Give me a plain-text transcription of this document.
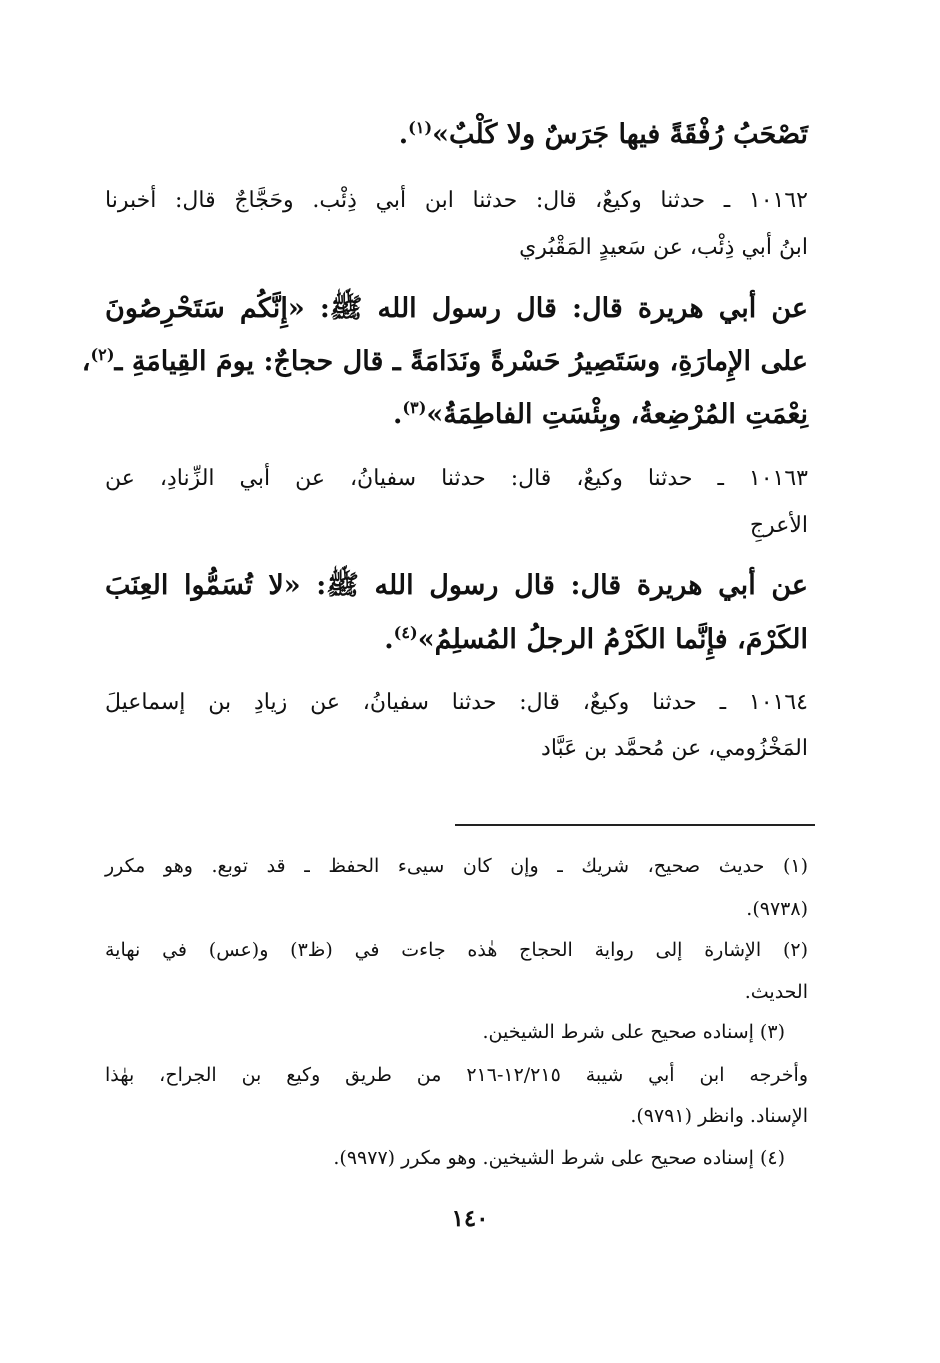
تَصْحَبُ رُفْقَةً فيها جَرَسٌ ولا كَلْبٌ»$^{(١)}$.

١٠١٦٢ ـ حدثنا وكيعٌ، قال: حدثنا ابن أبي ذِئْب. وحَجَّاجٌ قال: أخبرنا

ابنُ أبي ذِئْب، عن سَعيدٍ المَقْبُري

عن أبي هريرة قال: قال رسول الله ﷺ: «إِنَّكُم سَتَحْرِصُونَ

على الإِمارَةِ، وسَتَصِيرُ حَسْرةً ونَدَامَةً ـ قال حجاجٌ: يومَ القِيامَةِ ـ$^{(٢)}$،

نِعْمَتِ المُرْضِعةُ، وبِئْسَتِ الفاطِمَةُ»$^{(٣)}$.

١٠١٦٣ ـ حدثنا وكيعٌ، قال: حدثنا سفيانُ، عن أبي الزِّنادِ، عن

الأعرجِ

عن أبي هريرة قال: قال رسول الله ﷺ: «لا تُسَمُّوا العِنَبَ

الكَرْمَ، فإِنَّما الكَرْمُ الرجلُ المُسلِمُ»$^{(٤)}$.

١٠١٦٤ ـ حدثنا وكيعٌ، قال: حدثنا سفيانُ، عن زيادِ بن إسماعيلَ

المَخْزُومي، عن مُحمَّد بن عَبَّاد

(١) حديث صحيح، شريك ـ وإن كان سيىء الحفظ ـ قد توبع. وهو مكرر

(٩٧٣٨).

(٢) الإشارة إلى رواية الحجاج هٰذه جاءت في (ظ٣) و(عس) في نهاية

الحديث.

(٣) إسناده صحيح على شرط الشيخين.

وأخرجه ابن أبي شيبة ١٢/٢١٥-٢١٦ من طريق وكيع بن الجراح، بهٰذا

الإسناد. وانظر (٩٧٩١).

(٤) إسناده صحيح على شرط الشيخين. وهو مكرر (٩٩٧٧).

١٤٠
